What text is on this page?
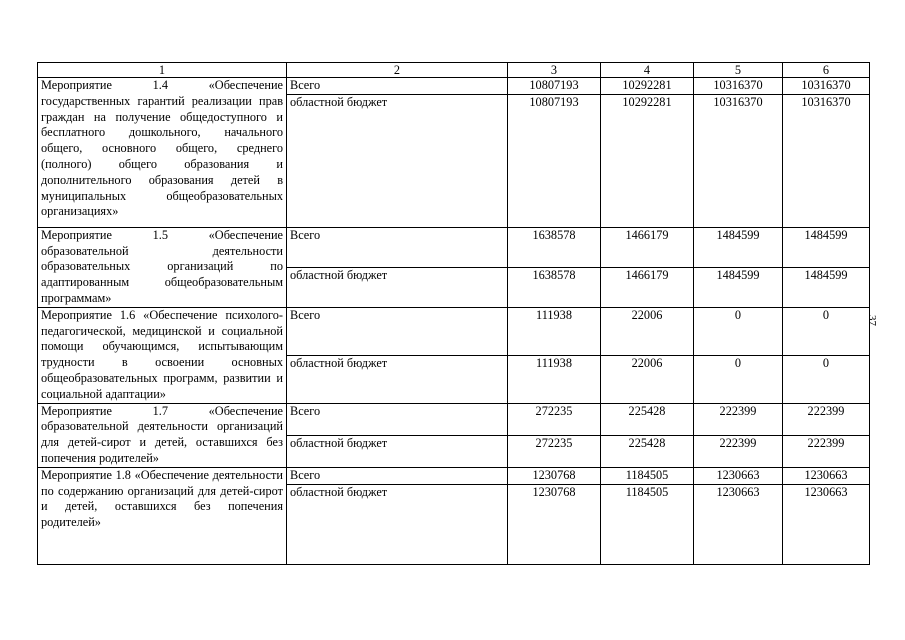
1	2	3	4	5	6
Мероприятие 1.4 «Обеспечение государственных гарантий реализации прав граждан на получение общедоступного и бесплатного дошкольного, начального общего, основного общего, среднего (полного) общего образования и дополнительного образования детей в муниципальных общеобразовательных организациях»	Всего	10807193	10292281	10316370	10316370
	областной бюджет	10807193	10292281	10316370	10316370
Мероприятие 1.5 «Обеспечение образовательной деятельности образовательных организаций по адаптированным общеобразовательным программам»	Всего	1638578	1466179	1484599	1484599
	областной бюджет	1638578	1466179	1484599	1484599
Мероприятие 1.6 «Обеспечение психолого-педагогической, медицинской и социальной помощи обучающимся, испытывающим трудности в освоении основных общеобразовательных программ, развитии и социальной адаптации»	Всего	111938	22006	0	0
	областной бюджет	111938	22006	0	0
Мероприятие 1.7 «Обеспечение образовательной деятельности организаций для детей-сирот и детей, оставшихся без попечения родителей»	Всего	272235	225428	222399	222399
	областной бюджет	272235	225428	222399	222399
Мероприятие 1.8 «Обеспечение деятельности по содержанию организаций для детей-сирот и детей, оставшихся без попечения родителей»	Всего	1230768	1184505	1230663	1230663
	областной бюджет	1230768	1184505	1230663	1230663
37
